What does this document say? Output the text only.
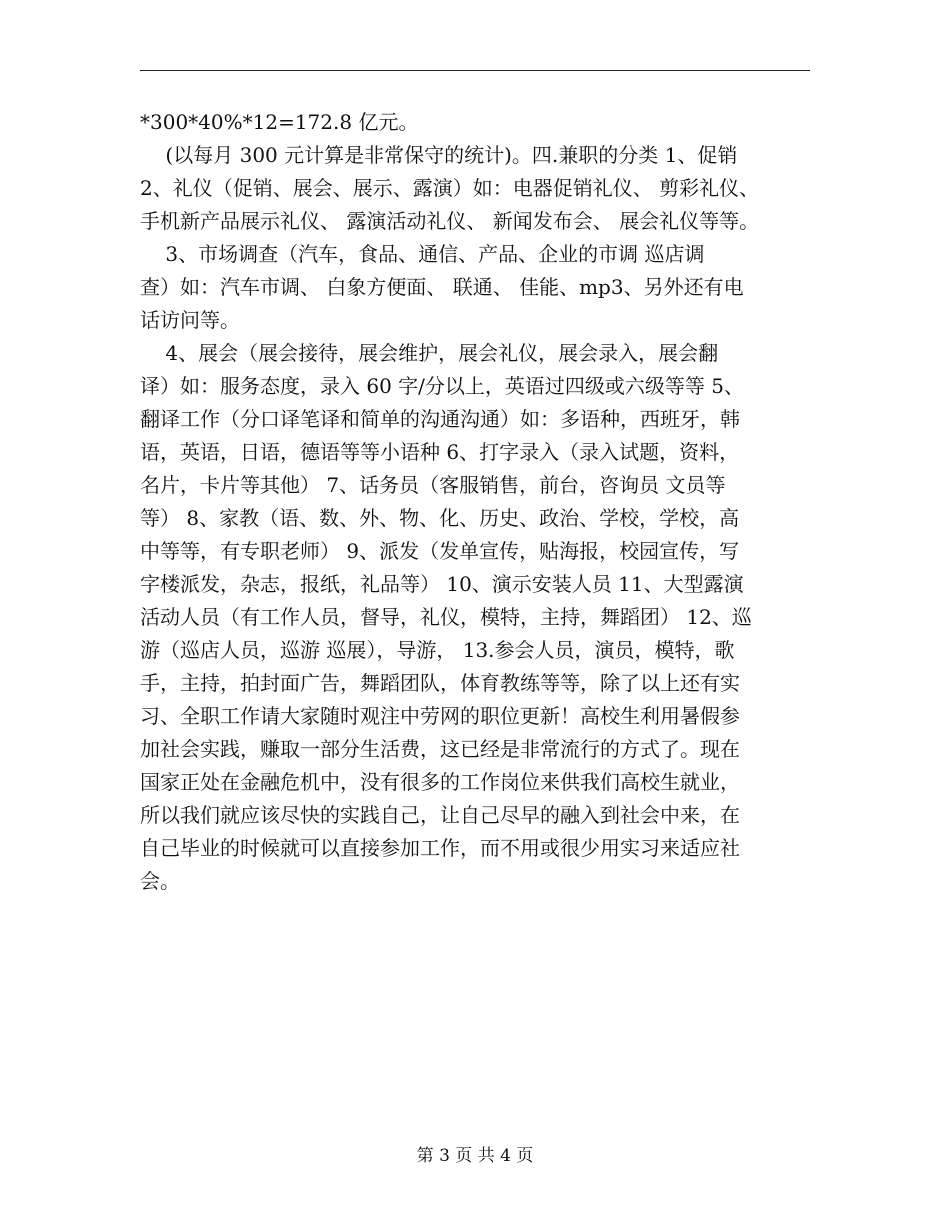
*300*40%*12=172.8 亿元。
(以每月 300 元计算是非常保守的统计)。四.兼职的分类 1、促销
2、礼仪（促销、展会、展示、露演）如：电器促销礼仪、 剪彩礼仪、
手机新产品展示礼仪、 露演活动礼仪、 新闻发布会、 展会礼仪等等。
3、市场调查（汽车，食品、通信、产品、企业的市调 巡店调
查）如：汽车市调、 白象方便面、 联通、 佳能、mp3、另外还有电
话访问等。
4、展会（展会接待，展会维护，展会礼仪，展会录入，展会翻
译）如：服务态度，录入 60 字/分以上，英语过四级或六级等等 5、
翻译工作（分口译笔译和简单的沟通沟通）如：多语种，西班牙，韩
语，英语，日语，德语等等小语种 6、打字录入（录入试题，资料，
名片，卡片等其他） 7、话务员（客服销售，前台，咨询员 文员等
等） 8、家教（语、数、外、物、化、历史、政治、学校，学校，高
中等等，有专职老师） 9、派发（发单宣传，贴海报，校园宣传，写
字楼派发，杂志，报纸，礼品等） 10、演示安装人员 11、大型露演
活动人员（有工作人员，督导，礼仪，模特，主持，舞蹈团） 12、巡
游（巡店人员，巡游 巡展），导游， 13.参会人员，演员，模特，歌
手，主持，拍封面广告，舞蹈团队，体育教练等等，除了以上还有实
习、全职工作请大家随时观注中劳网的职位更新！高校生利用暑假参
加社会实践，赚取一部分生活费，这已经是非常流行的方式了。现在
国家正处在金融危机中，没有很多的工作岗位来供我们高校生就业，
所以我们就应该尽快的实践自己，让自己尽早的融入到社会中来，在
自己毕业的时候就可以直接参加工作，而不用或很少用实习来适应社
会。
第 3 页 共 4 页
